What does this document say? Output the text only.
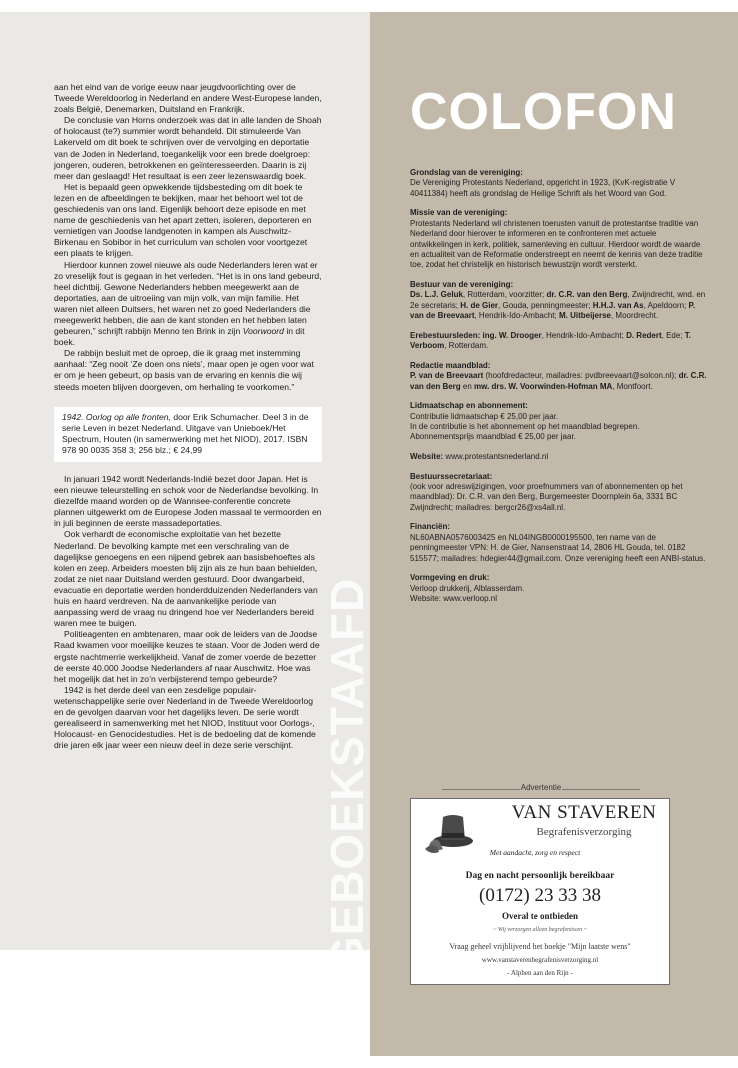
GEBOEKSTAAFD

aan het eind van de vorige eeuw naar jeugdvoorlichting over de Tweede Wereldoorlog in Nederland en andere West-Europese landen, zoals België, Denemarken, Duitsland en Frankrijk.

De conclusie van Horns onderzoek was dat in alle landen de Shoah of holocaust (te?) summier wordt behandeld. Dit stimuleerde Van Lakerveld om dit boek te schrijven over de vervolging en deportatie van de Joden in Nederland, toegankelijk voor een brede doelgroep: jongeren, ouderen, betrokkenen en geïnteresseerden. Daarin is zij meer dan geslaagd! Het resultaat is een zeer lezenswaardig boek.

Het is bepaald geen opwekkende tijdsbesteding om dit boek te lezen en de afbeeldingen te bekijken, maar het behoort wel tot de geschiedenis van ons land. Eigenlijk behoort deze episode en met name de geschiedenis van het apart zetten, isoleren, deporteren en vernietigen van Joodse landgenoten in kampen als Auschwitz-Birkenau en Sobibor in het curriculum van scholen voor voortgezet een plaats te krijgen.

Hierdoor kunnen zowel nieuwe als oude Nederlanders leren wat er zo vreselijk fout is gegaan in het verleden. “Het is in ons land gebeurd, heel dichtbij. Gewone Nederlanders hebben meegewerkt aan de deportaties, aan de uitroeiing van mijn volk, van mijn familie. Het waren niet alleen Duitsers, het waren net zo goed Nederlanders die meegewerkt hebben, die aan de kant stonden en het hebben laten gebeuren,” schrijft rabbijn Menno ten Brink in zijn Voorwoord in dit boek.

De rabbijn besluit met de oproep, die ik graag met instemming aanhaal: “Zeg nooit ‘Ze doen ons niets’, maar open je ogen voor wat er om je heen gebeurt, op basis van de ervaring en kennis die wij steeds moeten blijven doorgeven, om herhaling te voorkomen.”

1942. Oorlog op alle fronten, door Erik Schumacher. Deel 3 in de serie Leven in bezet Nederland. Uitgave van Unieboek/Het Spectrum, Houten (in samenwerking met het NIOD), 2017. ISBN 978 90 0035 358 3; 256 blz.; € 24,99

In januari 1942 wordt Nederlands-Indië bezet door Japan. Het is een nieuwe teleurstelling en schok voor de Nederlandse bevolking. In diezelfde maand worden op de Wannsee-conferentie concrete plannen uitgewerkt om de Europese Joden massaal te vermoorden en in juli beginnen de eerste massadeportaties.

Ook verhardt de economische exploitatie van het bezette Nederland. De bevolking kampte met een verschraling van de dagelijkse genoegens en een nijpend gebrek aan basisbehoeftes als kolen en zeep. Arbeiders moesten blij zijn als ze hun baan behielden, zodat ze niet naar Duitsland werden gestuurd. Door dwangarbeid, evacuatie en deportatie werden honderdduizenden Nederlanders van huis en haard verdreven. Na de aanvankelijke periode van aanpassing werd de vraag nu dringend hoe ver Nederlanders bereid waren mee te buigen.

Politieagenten en ambtenaren, maar ook de leiders van de Joodse Raad kwamen voor moeilijke keuzes te staan. Voor de Joden werd de ergste nachtmerrie werkelijkheid. Vanaf de zomer voerde de bezetter de eerste 40.000 Joodse Nederlanders af naar Auschwitz. Hoe was het mogelijk dat het in zo’n verbijsterend tempo gebeurde?

1942 is het derde deel van een zesdelige populair-wetenschappelijke serie over Nederland in de Tweede Wereldoorlog en de gevolgen daarvan voor het dagelijks leven. De serie wordt gerealiseerd in samenwerking met het NIOD, Instituut voor Oorlogs-, Holocaust- en Genocidestudies. Het is de bedoeling dat de komende drie jaren elk jaar weer een nieuw deel in deze serie verschijnt.

COLOFON
Grondslag van de vereniging:
De Vereniging Protestants Nederland, opgericht in 1923, (KvK-registratie V 40411384) heeft als grondslag de Heilige Schrift als het Woord van God.
Missie van de vereniging:
Protestants Nederland wil christenen toerusten vanuit de protestantse traditie van Nederland door hierover te informeren en te confronteren met actuele ontwikkelingen in kerk, politiek, samenleving en cultuur. Hierdoor wordt de waarde en actualiteit van de Reformatie onderstreept en neemt de kennis van deze traditie toe, zodat het christelijk en historisch bewustzijn wordt versterkt.
Bestuur van de vereniging:
Ds. L.J. Geluk, Rotterdam, voorzitter; dr. C.R. van den Berg, Zwijndrecht, wnd. en 2e secretaris; H. de Gier, Gouda, penningmeester; H.H.J. van As, Apeldoorn; P. van de Breevaart, Hendrik-Ido-Ambacht; M. Uitbeijerse, Moordrecht.
Erebestuursleden: ing. W. Drooger, Hendrik-Ido-Ambacht; D. Redert, Ede; T. Verboom, Rotterdam.
Redactie maandblad:
P. van de Breevaart (hoofdredacteur, mailadres: pvdbreevaart@solcon.nl); dr. C.R. van den Berg en mw. drs. W. Voorwinden-Hofman MA, Montfoort.
Lidmaatschap en abonnement:
Contributie lidmaatschap € 25,00 per jaar.
In de contributie is het abonnement op het maandblad begrepen.
Abonnementsprijs maandblad € 25,00 per jaar.
Website: www.protestantsnederland.nl
Bestuurssecretariaat:
(ook voor adreswijzigingen, voor proefnummers van of abonnementen op het maandblad): Dr. C.R. van den Berg, Burgemeester Doornplein 6a, 3331 BC Zwijndrecht; mailadres: bergcr26@xs4all.nl.
Financiën:
NL60ABNA0576003425 en NL04INGB0000195500, ten name van de penningmeester VPN: H. de Gier, Nansenstraat 14, 2806 HL Gouda, tel. 0182 515577; mailadres: hdegier44@gmail.com. Onze vereniging heeft een ANBI-status.
Vormgeving en druk:
Verloop drukkerij, Alblasserdam.
Website: www.verloop.nl
Advertentie
VAN STAVEREN
Begrafenisverzorging
Met aandacht, zorg en respect
Dag en nacht persoonlijk bereikbaar
(0172) 23 33 38
Overal te ontbieden
~ Wij verzorgen alleen begrafenissen ~
Vraag geheel vrijblijvend het boekje "Mijn laatste wens"
www.vanstaverenbegrafenisverzorging.nl
- Alphen aan den Rijn -
